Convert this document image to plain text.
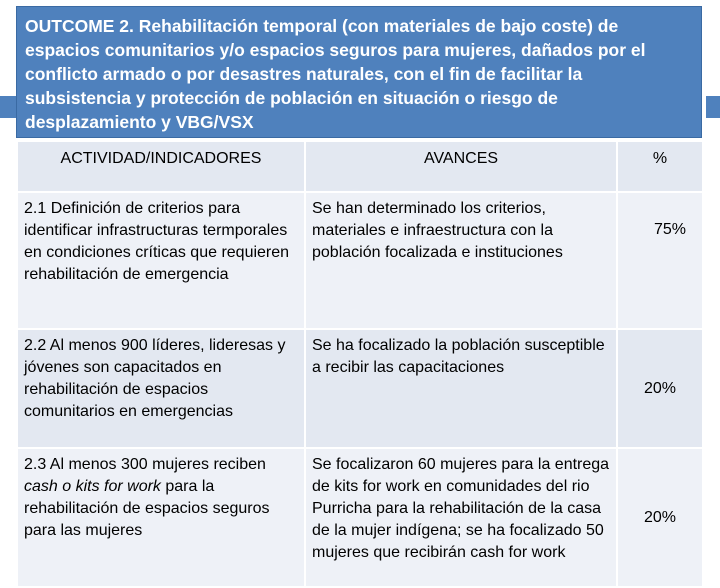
OUTCOME 2. Rehabilitación temporal (con materiales de bajo coste) de espacios comunitarios y/o espacios seguros para mujeres, dañados por el conflicto armado o por desastres naturales, con el fin de facilitar la subsistencia y protección de población en situación o riesgo de desplazamiento y VBG/VSX
ACTIVIDAD/INDICADORES	AVANCES	%
2.1 Definición de criterios para identificar infrastructuras termporales en condiciones críticas que requieren rehabilitación de emergencia	Se han determinado los criterios, materiales e infraestructura con la población focalizada e instituciones	75%
2.2 Al menos 900 líderes, lideresas y jóvenes son capacitados en rehabilitación de espacios comunitarios en emergencias	Se ha focalizado la población susceptible a recibir las capacitaciones	20%
2.3 Al menos 300 mujeres reciben cash o kits for work para la rehabilitación de espacios seguros para las mujeres	Se focalizaron 60 mujeres para la entrega de kits for work en comunidades del rio Purricha para la rehabilitación de la casa de la mujer indígena; se ha focalizado 50 mujeres que recibirán cash for work	20%
